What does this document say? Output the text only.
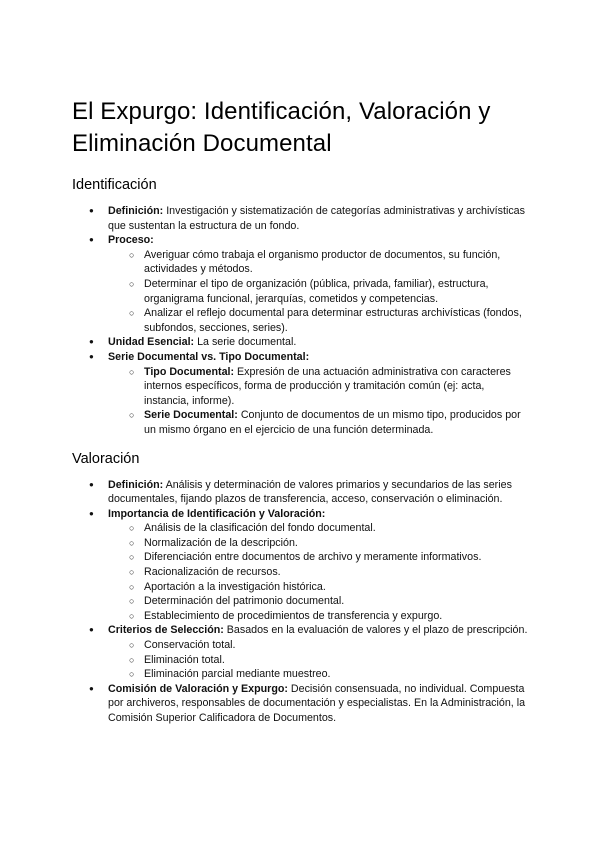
El Expurgo: Identificación, Valoración y Eliminación Documental
Identificación
● Definición: Investigación y sistematización de categorías administrativas y archivísticas que sustentan la estructura de un fondo.
● Proceso:
○ Averiguar cómo trabaja el organismo productor de documentos, su función, actividades y métodos.
○ Determinar el tipo de organización (pública, privada, familiar), estructura, organigrama funcional, jerarquías, cometidos y competencias.
○ Analizar el reflejo documental para determinar estructuras archivísticas (fondos, subfondos, secciones, series).
● Unidad Esencial: La serie documental.
● Serie Documental vs. Tipo Documental:
○ Tipo Documental: Expresión de una actuación administrativa con caracteres internos específicos, forma de producción y tramitación común (ej: acta, instancia, informe).
○ Serie Documental: Conjunto de documentos de un mismo tipo, producidos por un mismo órgano en el ejercicio de una función determinada.
Valoración
● Definición: Análisis y determinación de valores primarios y secundarios de las series documentales, fijando plazos de transferencia, acceso, conservación o eliminación.
● Importancia de Identificación y Valoración:
○ Análisis de la clasificación del fondo documental.
○ Normalización de la descripción.
○ Diferenciación entre documentos de archivo y meramente informativos.
○ Racionalización de recursos.
○ Aportación a la investigación histórica.
○ Determinación del patrimonio documental.
○ Establecimiento de procedimientos de transferencia y expurgo.
● Criterios de Selección: Basados en la evaluación de valores y el plazo de prescripción.
○ Conservación total.
○ Eliminación total.
○ Eliminación parcial mediante muestreo.
● Comisión de Valoración y Expurgo: Decisión consensuada, no individual. Compuesta por archiveros, responsables de documentación y especialistas. En la Administración, la Comisión Superior Calificadora de Documentos.
